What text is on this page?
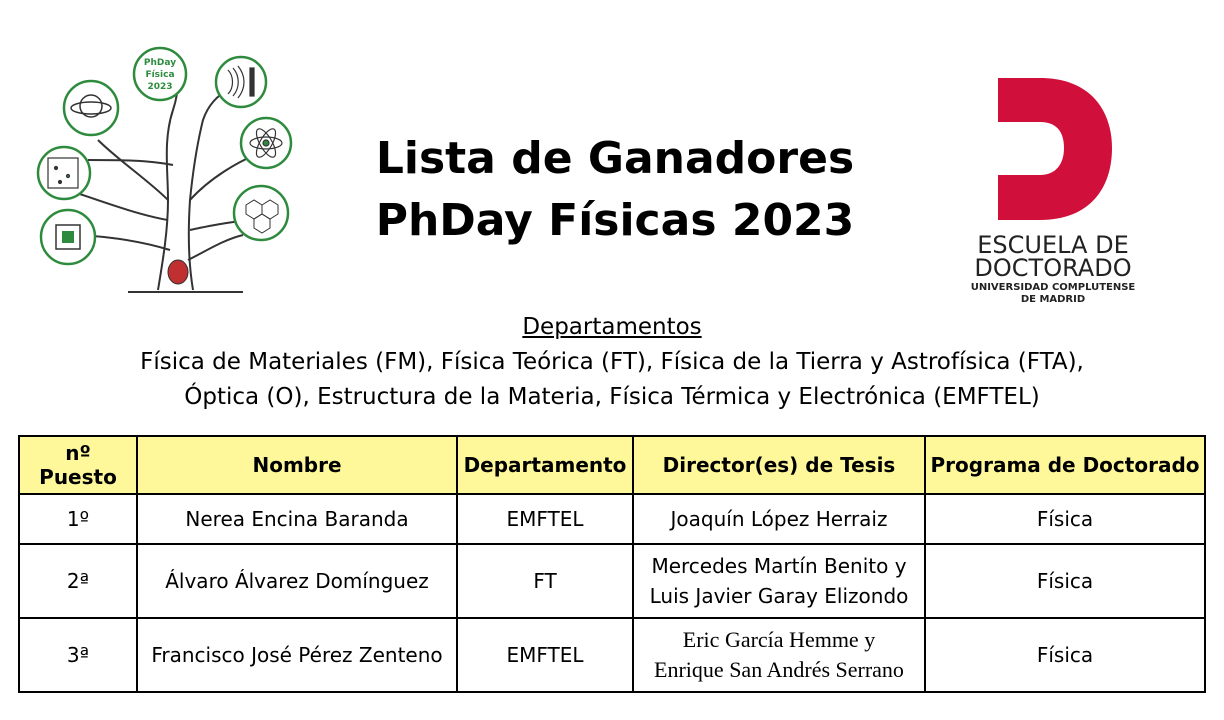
PhDay
Física
2023
Lista de Ganadores
PhDay Físicas 2023	ESCUELA DE
DOCTORADO
UNIVERSIDAD COMPLUTENSE
DE MADRID
Departamentos
Física de Materiales (FM), Física Teórica (FT), Física de la Tierra y Astrofísica (FTA),
Óptica (O), Estructura de la Materia, Física Térmica y Electrónica (EMFTEL)
nº Puesto	Nombre	Departamento	Director(es) de Tesis	Programa de Doctorado
1º	Nerea Encina Baranda	EMFTEL	Joaquín López Herraiz	Física
2ª	Álvaro Álvarez Domínguez	FT	Mercedes Martín Benito y
Luis Javier Garay Elizondo	Física
3ª	Francisco José Pérez Zenteno	EMFTEL	Eric García Hemme y
Enrique San Andrés Serrano	Física
